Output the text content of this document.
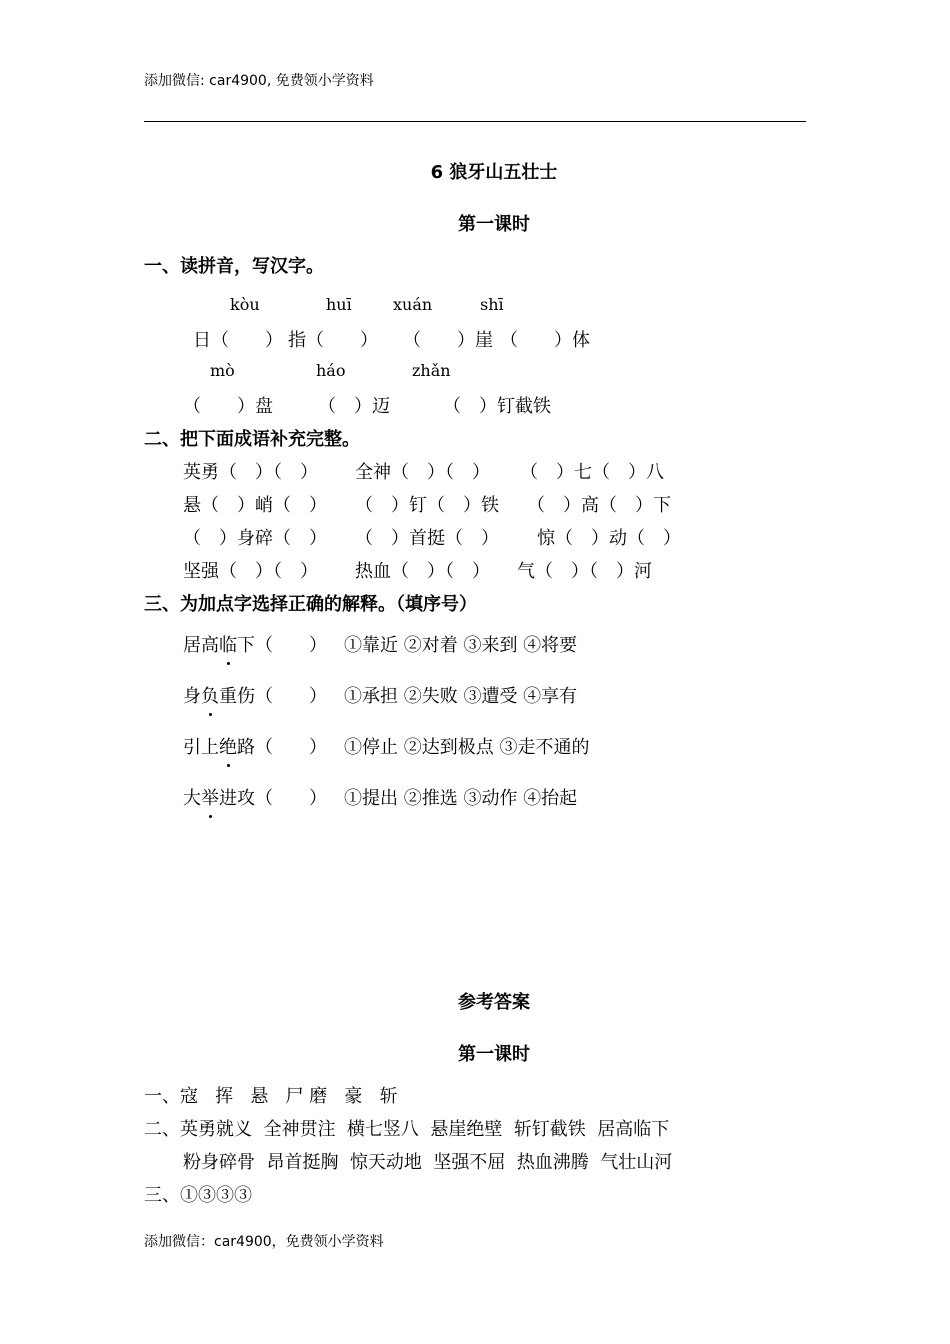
添加微信: car4900, 免费领小学资料
6 狼牙山五壮士
第一课时
一、读拼音，写汉字。
kòu	huī	xuán	shī
日（　　） 指（　　） （　　）崖 （　　）体
mò	háo	zhǎn
（　　）盘	（　）迈	（　）钉截铁
二、把下面成语补充完整。
英勇（　）（　） 全神（　）（　） （　）七（　）八
悬（　）峭（　） （　）钉（　）铁 （　）高（　）下
（　）身碎（　） （　）首挺（　） 惊（　）动（　）
坚强（　）（　） 热血（　）（　） 气（　）（　）河
三、为加点字选择正确的解释。（填序号）
居高临下（　　） ①靠近 ②对着 ③来到 ④将要
身负重伤（　　） ①承担 ②失败 ③遭受 ④享有
引上绝路（　　） ①停止 ②达到极点 ③走不通的
大举进攻（　　） ①提出 ②推选 ③动作 ④抬起
参考答案
第一课时
一、寇 挥 悬 尸 磨 豪 斩
二、英勇就义 全神贯注 横七竖八 悬崖绝壁 斩钉截铁 居高临下
粉身碎骨 昂首挺胸 惊天动地 坚强不屈 热血沸腾 气壮山河
三、①③③③
添加微信：car4900，免费领小学资料
